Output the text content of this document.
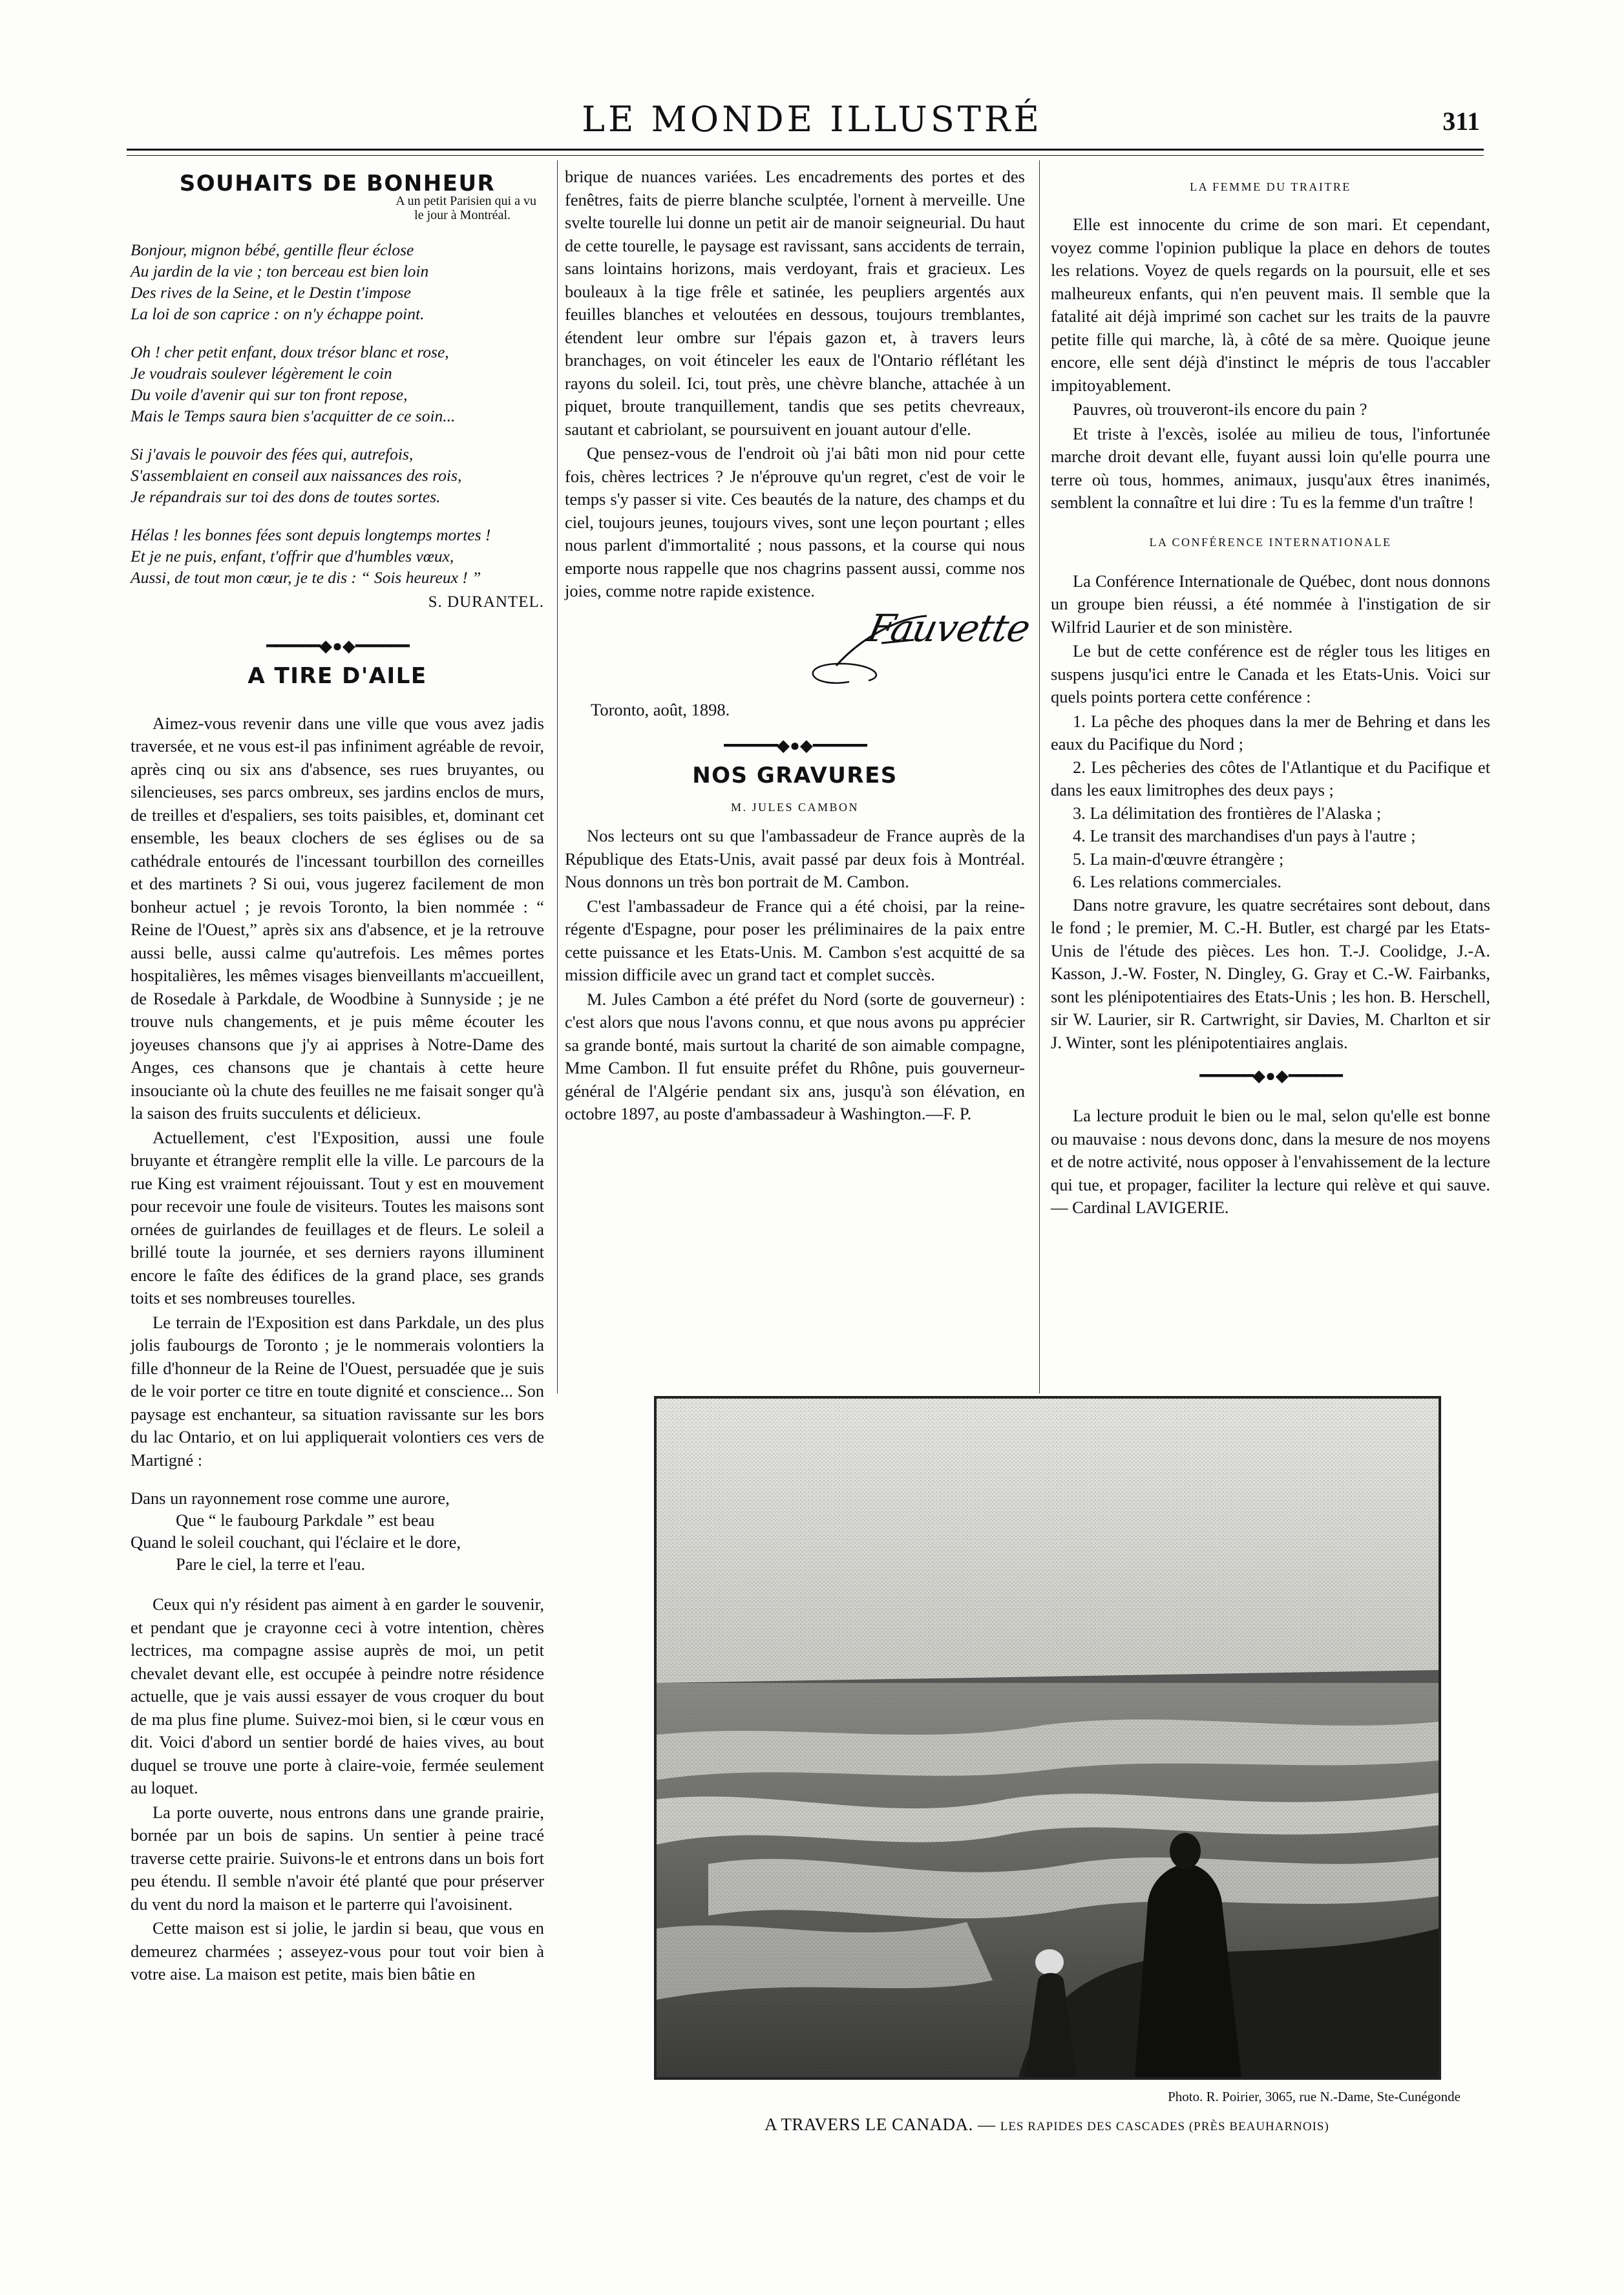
LE MONDE ILLUSTRÉ	311
SOUHAITS DE BONHEUR
A un petit Parisien qui a vu
le jour à Montréal.
Bonjour, mignon bébé, gentille fleur éclose
Au jardin de la vie ; ton berceau est bien loin
Des rives de la Seine, et le Destin t'impose
La loi de son caprice : on n'y échappe point.
Oh ! cher petit enfant, doux trésor blanc et rose,
Je voudrais soulever légèrement le coin
Du voile d'avenir qui sur ton front repose,
Mais le Temps saura bien s'acquitter de ce soin...
Si j'avais le pouvoir des fées qui, autrefois,
S'assemblaient en conseil aux naissances des rois,
Je répandrais sur toi des dons de toutes sortes.
Hélas ! les bonnes fées sont depuis longtemps mortes !
Et je ne puis, enfant, t'offrir que d'humbles vœux,
Aussi, de tout mon cœur, je te dis : “ Sois heureux ! ”
S. DURANTEL.
━━━━━━◆●◆━━━━━━
A TIRE D'AILE

Aimez-vous revenir dans une ville que vous avez jadis traversée, et ne vous est-il pas infiniment agréable de revoir, après cinq ou six ans d'absence, ses rues bruyantes, ou silencieuses, ses parcs ombreux, ses jardins enclos de murs, de treilles et d'espaliers, ses toits paisibles, et, dominant cet ensemble, les beaux clochers de ses églises ou de sa cathédrale entourés de l'incessant tourbillon des corneilles et des martinets ? Si oui, vous jugerez facilement de mon bonheur actuel ; je revois Toronto, la bien nommée : “ Reine de l'Ouest,” après six ans d'absence, et je la retrouve aussi belle, aussi calme qu'autrefois. Les mêmes portes hospitalières, les mêmes visages bienveillants m'accueillent, de Rosedale à Parkdale, de Woodbine à Sunnyside ; je ne trouve nuls changements, et je puis même écouter les joyeuses chansons que j'y ai apprises à Notre-Dame des Anges, ces chansons que je chantais à cette heure insouciante où la chute des feuilles ne me faisait songer qu'à la saison des fruits succulents et délicieux.

Actuellement, c'est l'Exposition, aussi une foule bruyante et étrangère remplit elle la ville. Le parcours de la rue King est vraiment réjouissant. Tout y est en mouvement pour recevoir une foule de visiteurs. Toutes les maisons sont ornées de guirlandes de feuillages et de fleurs. Le soleil a brillé toute la journée, et ses derniers rayons illuminent encore le faîte des édifices de la grand place, ses grands toits et ses nombreuses tourelles.

Le terrain de l'Exposition est dans Parkdale, un des plus jolis faubourgs de Toronto ; je le nommerais volontiers la fille d'honneur de la Reine de l'Ouest, persuadée que je suis de le voir porter ce titre en toute dignité et conscience... Son paysage est enchanteur, sa situation ravissante sur les bors du lac Ontario, et on lui appliquerait volontiers ces vers de Martigné :

Dans un rayonnement rose comme une aurore,
Que “ le faubourg Parkdale ” est beau
Quand le soleil couchant, qui l'éclaire et le dore,
Pare le ciel, la terre et l'eau.

Ceux qui n'y résident pas aiment à en garder le souvenir, et pendant que je crayonne ceci à votre intention, chères lectrices, ma compagne assise auprès de moi, un petit chevalet devant elle, est occupée à peindre notre résidence actuelle, que je vais aussi essayer de vous croquer du bout de ma plus fine plume. Suivez-moi bien, si le cœur vous en dit. Voici d'abord un sentier bordé de haies vives, au bout duquel se trouve une porte à claire-voie, fermée seulement au loquet.

La porte ouverte, nous entrons dans une grande prairie, bornée par un bois de sapins. Un sentier à peine tracé traverse cette prairie. Suivons-le et entrons dans un bois fort peu étendu. Il semble n'avoir été planté que pour préserver du vent du nord la maison et le parterre qui l'avoisinent.

Cette maison est si jolie, le jardin si beau, que vous en demeurez charmées ; asseyez-vous pour tout voir bien à votre aise. La maison est petite, mais bien bâtie en

brique de nuances variées. Les encadrements des portes et des fenêtres, faits de pierre blanche sculptée, l'ornent à merveille. Une svelte tourelle lui donne un petit air de manoir seigneurial. Du haut de cette tourelle, le paysage est ravissant, sans accidents de terrain, sans lointains horizons, mais verdoyant, frais et gracieux. Les bouleaux à la tige frêle et satinée, les peupliers argentés aux feuilles blanches et veloutées en dessous, toujours tremblantes, étendent leur ombre sur l'épais gazon et, à travers leurs branchages, on voit étinceler les eaux de l'Ontario réflétant les rayons du soleil. Ici, tout près, une chèvre blanche, attachée à un piquet, broute tranquillement, tandis que ses petits chevreaux, sautant et cabriolant, se poursuivent en jouant autour d'elle.

Que pensez-vous de l'endroit où j'ai bâti mon nid pour cette fois, chères lectrices ? Je n'éprouve qu'un regret, c'est de voir le temps s'y passer si vite. Ces beautés de la nature, des champs et du ciel, toujours jeunes, toujours vives, sont une leçon pourtant ; elles nous parlent d'immortalité ; nous passons, et la course qui nous emporte nous rappelle que nos chagrins passent aussi, comme nos joies, comme notre rapide existence.

Fauvette
Toronto, août, 1898.
━━━━━━◆●◆━━━━━━
NOS GRAVURES
M. JULES CAMBON

Nos lecteurs ont su que l'ambassadeur de France auprès de la République des Etats-Unis, avait passé par deux fois à Montréal. Nous donnons un très bon portrait de M. Cambon.

C'est l'ambassadeur de France qui a été choisi, par la reine-régente d'Espagne, pour poser les préliminaires de la paix entre cette puissance et les Etats-Unis. M. Cambon s'est acquitté de sa mission difficile avec un grand tact et complet succès.

M. Jules Cambon a été préfet du Nord (sorte de gouverneur) : c'est alors que nous l'avons connu, et que nous avons pu apprécier sa grande bonté, mais surtout la charité de son aimable compagne, Mme Cambon. Il fut ensuite préfet du Rhône, puis gouverneur-général de l'Algérie pendant six ans, jusqu'à son élévation, en octobre 1897, au poste d'ambassadeur à Washington.—F. P.

LA FEMME DU TRAITRE

Elle est innocente du crime de son mari. Et cependant, voyez comme l'opinion publique la place en dehors de toutes les relations. Voyez de quels regards on la poursuit, elle et ses malheureux enfants, qui n'en peuvent mais. Il semble que la fatalité ait déjà imprimé son cachet sur les traits de la pauvre petite fille qui marche, là, à côté de sa mère. Quoique jeune encore, elle sent déjà d'instinct le mépris de tous l'accabler impitoyablement.

Pauvres, où trouveront-ils encore du pain ?

Et triste à l'excès, isolée au milieu de tous, l'infortunée marche droit devant elle, fuyant aussi loin qu'elle pourra une terre où tous, hommes, animaux, jusqu'aux êtres inanimés, semblent la connaître et lui dire : Tu es la femme d'un traître !

LA CONFÉRENCE INTERNATIONALE

La Conférence Internationale de Québec, dont nous donnons un groupe bien réussi, a été nommée à l'instigation de sir Wilfrid Laurier et de son ministère.

Le but de cette conférence est de régler tous les litiges en suspens jusqu'ici entre le Canada et les Etats-Unis. Voici sur quels points portera cette conférence :

1. La pêche des phoques dans la mer de Behring et dans les eaux du Pacifique du Nord ;

2. Les pêcheries des côtes de l'Atlantique et du Pacifique et dans les eaux limitrophes des deux pays ;

3. La délimitation des frontières de l'Alaska ;

4. Le transit des marchandises d'un pays à l'autre ;

5. La main-d'œuvre étrangère ;

6. Les relations commerciales.

Dans notre gravure, les quatre secrétaires sont debout, dans le fond ; le premier, M. C.-H. Butler, est chargé par les Etats-Unis de l'étude des pièces. Les hon. T.-J. Coolidge, J.-A. Kasson, J.-W. Foster, N. Dingley, G. Gray et C.-W. Fairbanks, sont les plénipotentiaires des Etats-Unis ; les hon. B. Herschell, sir W. Laurier, sir R. Cartwright, sir Davies, M. Charlton et sir J. Winter, sont les plénipotentiaires anglais.

━━━━━━◆●◆━━━━━━

La lecture produit le bien ou le mal, selon qu'elle est bonne ou mauvaise : nous devons donc, dans la mesure de nos moyens et de notre activité, nous opposer à l'envahissement de la lecture qui tue, et propager, faciliter la lecture qui relève et qui sauve.— Cardinal LAVIGERIE.

Photo. R. Poirier, 3065, rue N.-Dame, Ste-Cunégonde
A TRAVERS LE CANADA. — LES RAPIDES DES CASCADES (PRÈS BEAUHARNOIS)
